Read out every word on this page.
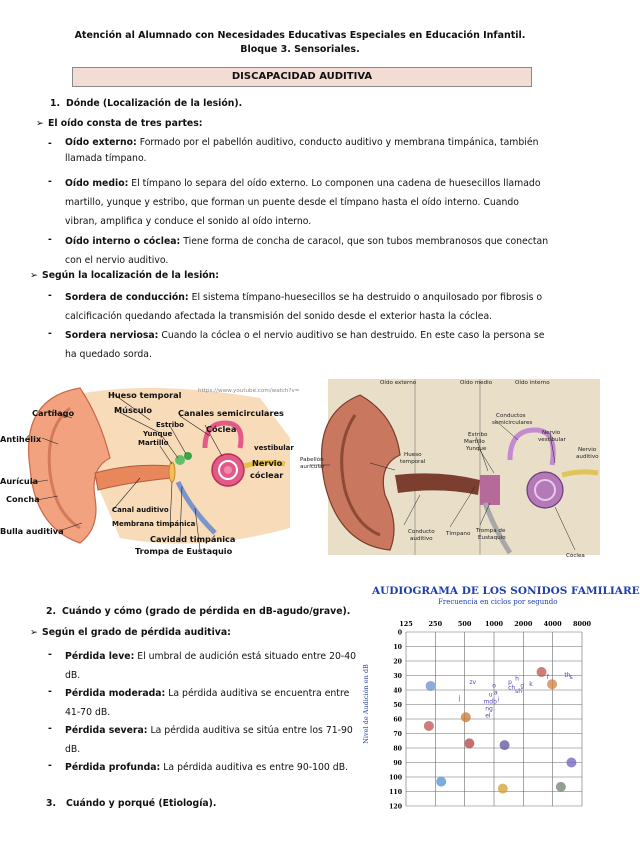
Atención al Alumnado con Necesidades Educativas Especiales en Educación Infantil.
Bloque 3. Sensoriales.
DISCAPACIDAD AUDITIVA
1. Dónde (Localización de la lesión).
➢ El oído consta de tres partes:
- Oído externo: Formado por el pabellón auditivo, conducto auditivo y membrana timpánica, también
llamada tímpano.
- Oído medio: El tímpano lo separa del oído externo. Lo componen una cadena de huesecillos llamado
martillo, yunque y estribo, que forman un puente desde el tímpano hasta el oído interno. Cuando
vibran, amplifica y conduce el sonido al oído interno.
- Oído interno o cóclea: Tiene forma de concha de caracol, que son tubos membranosos que conectan
con el nervio auditivo.
➢ Según la localización de la lesión:
- Sordera de conducción: El sistema tímpano-huesecillos se ha destruido o anquilosado por fibrosis o
calcificación quedando afectada la transmisión del sonido desde el exterior hasta la cóclea.
- Sordera nerviosa: Cuando la cóclea o el nervio auditivo se han destruido. En este caso la persona se
ha quedado sorda.
https://www.youtube.com/watch?v=
Hueso temporal
Músculo
Cartílago	Canales semicirculares
Estribo	Cóclea
Yunque
Martillo
vestibular
Antihélix
Nervio
cóclear
Aurícula
Concha
Canal auditivo
Membrana timpánica
Bulla auditiva
Cavidad timpánica
Trompa de Eustaquio
Oído externo	Oído medio	Oído interno
Conductos
semicirculares
Estribo
Martillo
Yunque
Nervio
vestibular
Pabellón
auricular
Hueso
temporal
Nervio
auditivo
Conducto
auditivo
Tímpano Trompa de
Eustaquio
Cóclea
AUDIOGRAMA DE LOS SONIDOS FAMILIARE
Frecuencia en ciclos por segundo
125 250 500 1000 2000 4000 8000
0
10
20
30
40
50
60
70
80
90
100
110
120
zv
j	mdb
ng
el
u
i
o
a
ch sh
p h
g k
f	th s
Nivel de Audición en dB
2. Cuándo y cómo (grado de pérdida en dB-agudo/grave).
➢ Según el grado de pérdida auditiva:
- Pérdida leve: El umbral de audición está situado entre 20-40
dB.
- Pérdida moderada: La pérdida auditiva se encuentra entre
41-70 dB.
- Pérdida severa: La pérdida auditiva se sitúa entre los 71-90
dB.
- Pérdida profunda: La pérdida auditiva es entre 90-100 dB.
3. Cuándo y porqué (Etiología).
